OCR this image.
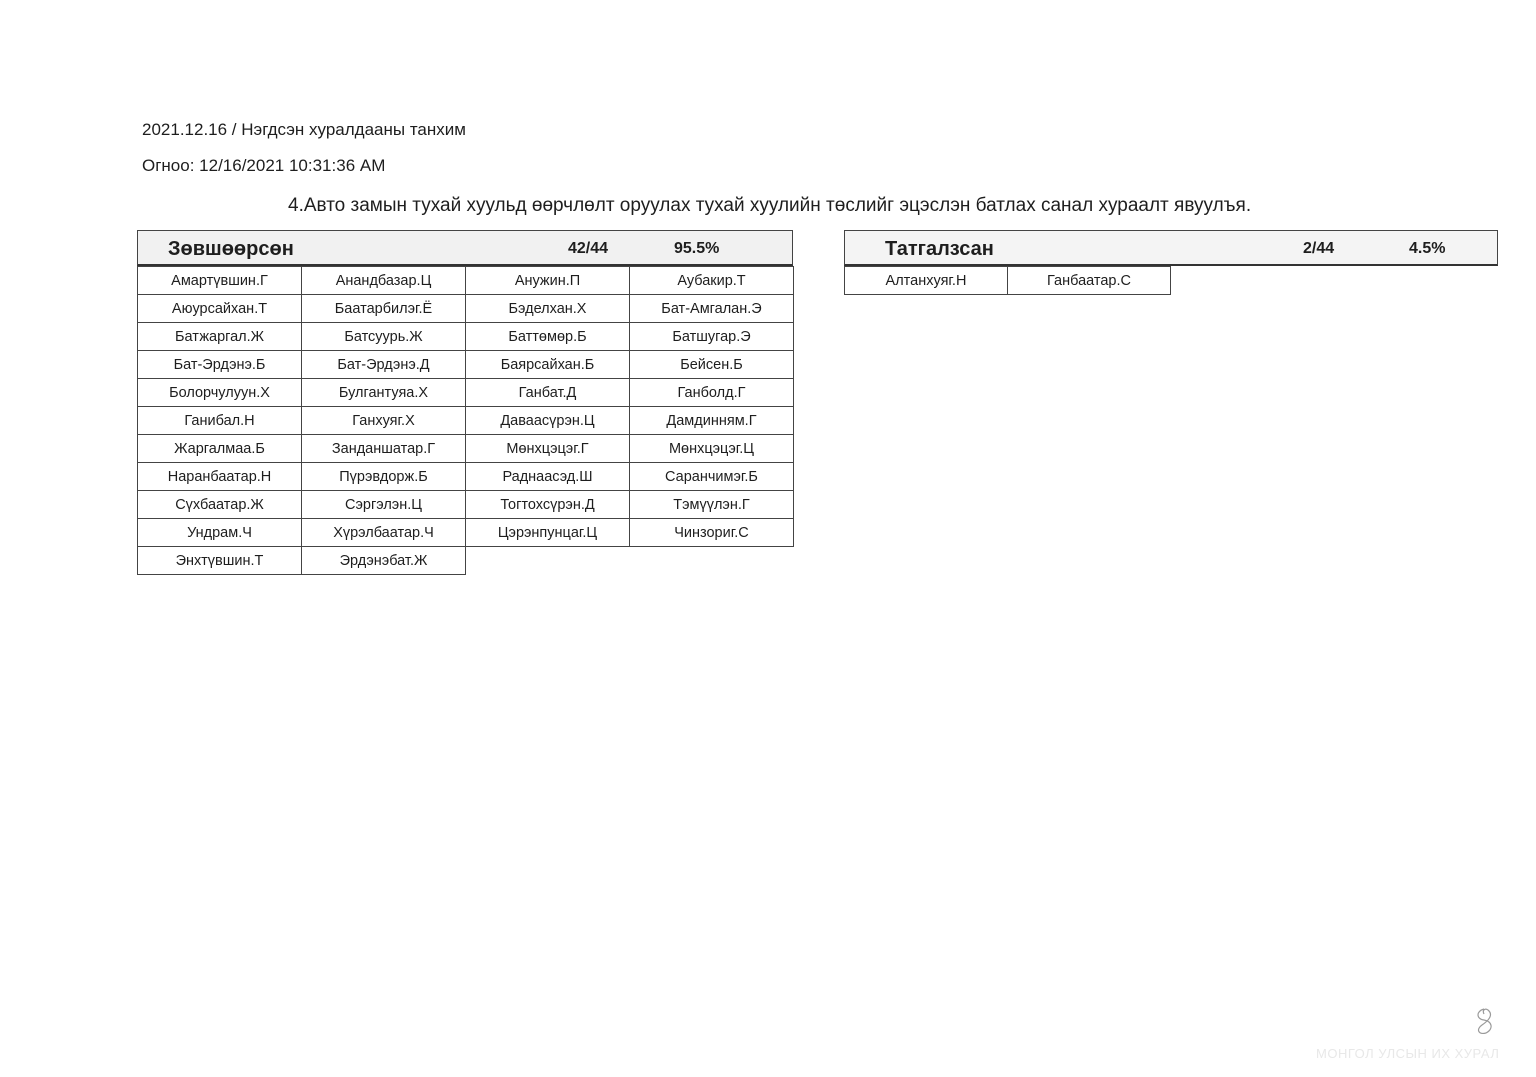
2021.12.16 / Нэгдсэн хуралдааны танхим
Огноо: 12/16/2021 10:31:36 AM
4.Авто замын тухай хуульд өөрчлөлт оруулах тухай хуулийн төслийг эцэслэн батлах санал хураалт явуулъя.
Зөвшөөрсөн	42/44	95.5%
Амартүвшин.Г	Анандбазар.Ц	Анужин.П	Аубакир.Т
Аюурсайхан.Т	Баатарбилэг.Ё	Бэделхан.Х	Бат-Амгалан.Э
Батжаргал.Ж	Батсуурь.Ж	Баттөмөр.Б	Батшугар.Э
Бат-Эрдэнэ.Б	Бат-Эрдэнэ.Д	Баярсайхан.Б	Бейсен.Б
Болорчулуун.Х	Булгантуяа.Х	Ганбат.Д	Ганболд.Г
Ганибал.Н	Ганхуяг.Х	Даваасүрэн.Ц	Дамдинням.Г
Жаргалмаа.Б	Занданшатар.Г	Мөнхцэцэг.Г	Мөнхцэцэг.Ц
Наранбаатар.Н	Пүрэвдорж.Б	Раднаасэд.Ш	Саранчимэг.Б
Сүхбаатар.Ж	Сэргэлэн.Ц	Тогтохсүрэн.Д	Тэмүүлэн.Г
Ундрам.Ч	Хүрэлбаатар.Ч	Цэрэнпунцаг.Ц	Чинзориг.С
Энхтүвшин.Т	Эрдэнэбат.Ж		
Татгалзсан	2/44	4.5%
Алтанхуяг.Н	Ганбаатар.С
МОНГОЛ УЛСЫН ИХ ХУРАЛ
